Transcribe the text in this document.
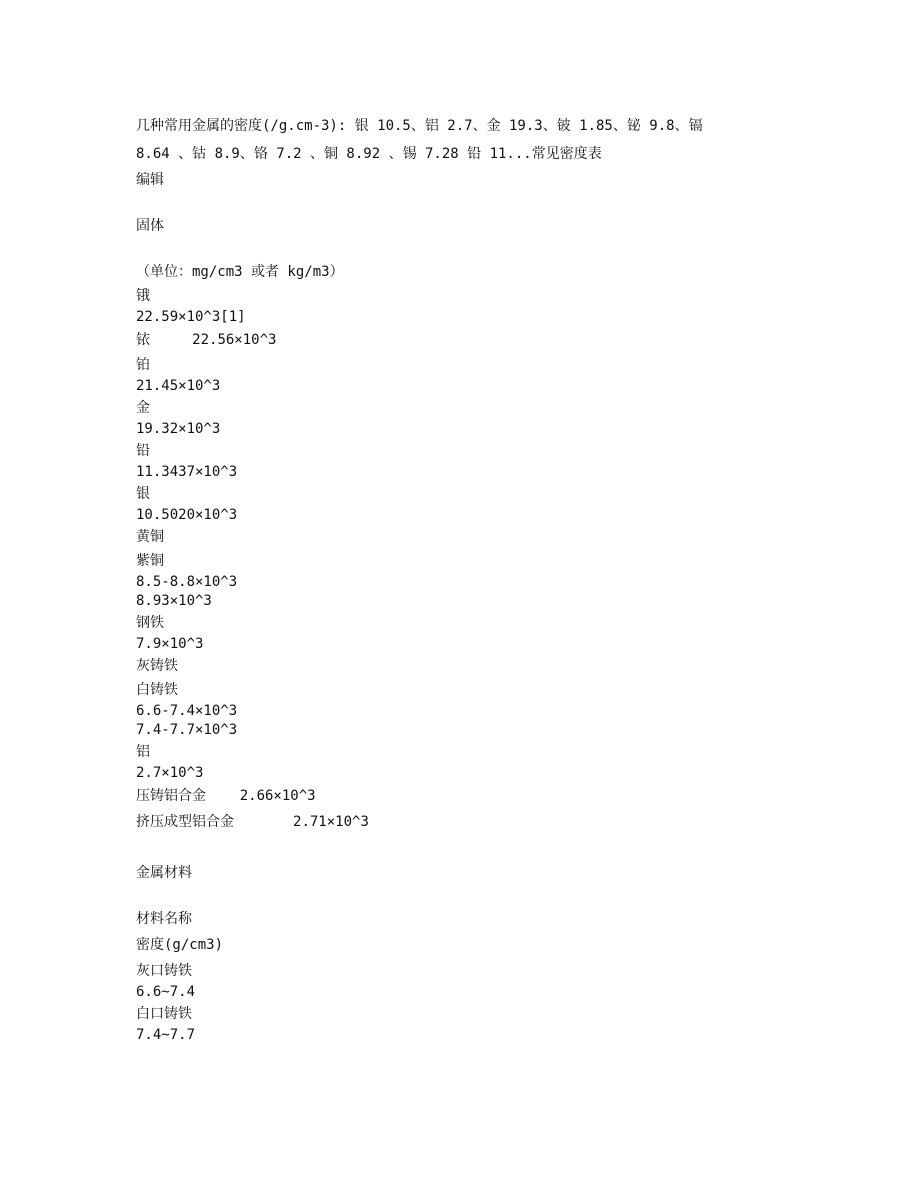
几种常用金属的密度(/g.cm-3): 银 10.5、铝 2.7、金 19.3、铍 1.85、铋 9.8、镉
8.64 、钴 8.9、铬 7.2 、铜 8.92 、锡 7.28 铅 11...常见密度表

编辑
固体
（单位：mg/cm3 或者 kg/m3）
锇
22.59×10^3[1]
铱	22.56×10^3
铂
21.45×10^3
金
19.32×10^3
铅
11.3437×10^3
银
10.5020×10^3
黄铜
紫铜
8.5-8.8×10^3
8.93×10^3
钢铁
7.9×10^3
灰铸铁
白铸铁
6.6-7.4×10^3
7.4-7.7×10^3
铝
2.7×10^3
压铸铝合金 2.66×10^3
挤压成型铝合金	2.71×10^3
金属材料
材料名称
密度(g/cm3)
灰口铸铁
6.6~7.4
白口铸铁
7.4~7.7
